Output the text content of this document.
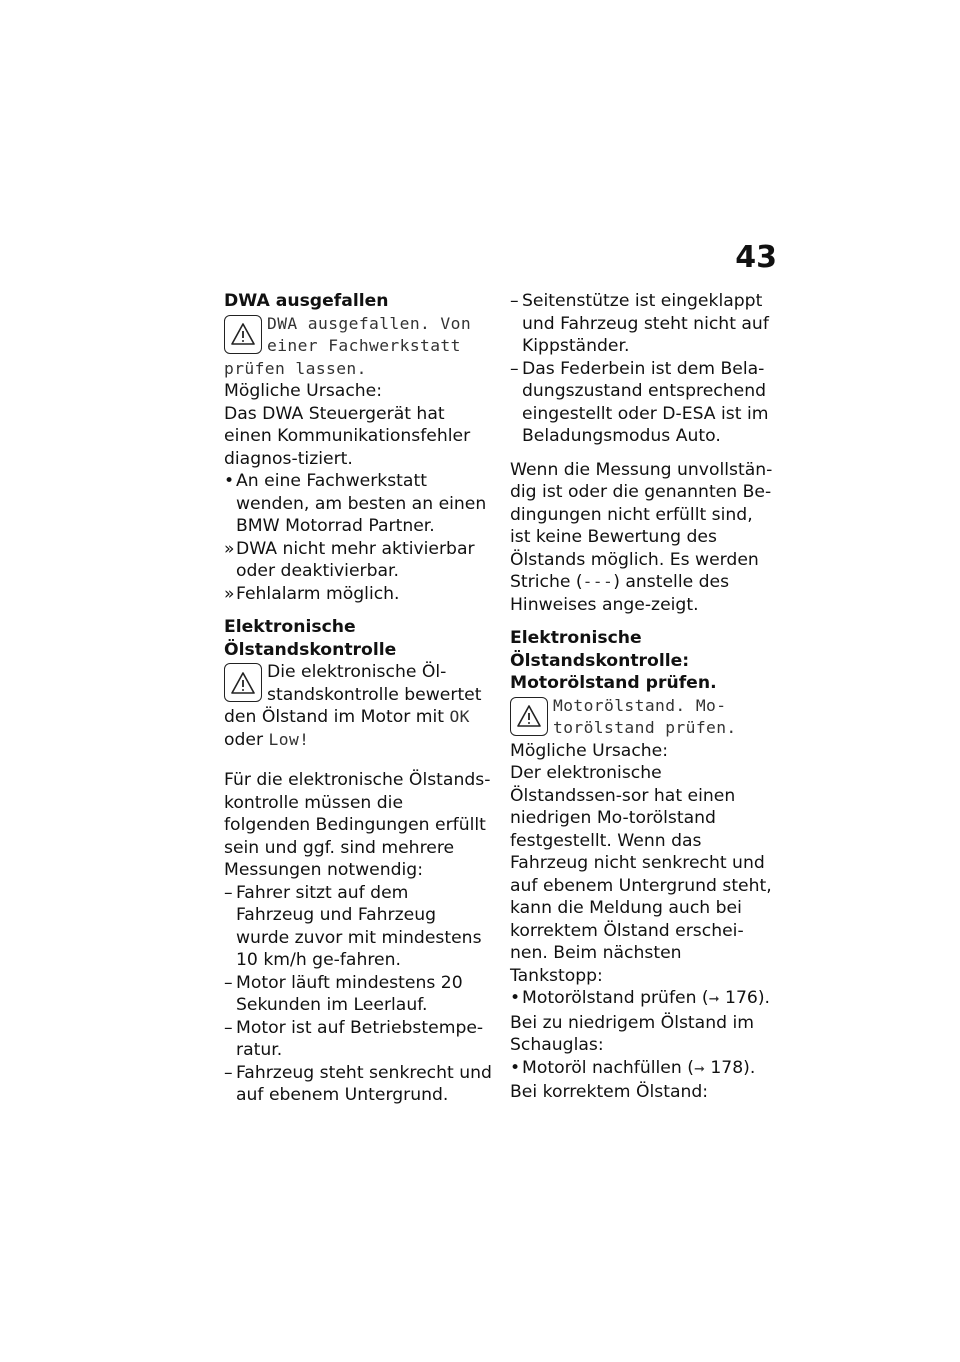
43

DWA ausgefallen

DWA ausgefallen. Von
einer Fachwerkstatt
prüfen lassen.

Mögliche Ursache:

Das DWA Steuergerät hat einen Kommunikationsfehler diagnos-tiziert.

• An eine Fachwerkstatt wenden, am besten an einen BMW Motorrad Partner.
» DWA nicht mehr aktivierbar oder deaktivierbar.
» Fehlalarm möglich.

Elektronische
Ölstandskontrolle

Die elektronische Öl-
standskontrolle bewertet
den Ölstand im Motor mit OK
oder Low!

Für die elektronische Ölstands-kontrolle müssen die folgenden Bedingungen erfüllt sein und ggf. sind mehrere Messungen notwendig:

– Fahrer sitzt auf dem Fahrzeug und Fahrzeug wurde zuvor mit mindestens 10 km/h ge-fahren.
– Motor läuft mindestens 20 Sekunden im Leerlauf.
– Motor ist auf Betriebstempe-ratur.
– Fahrzeug steht senkrecht und auf ebenem Untergrund.
– Seitenstütze ist eingeklappt und Fahrzeug steht nicht auf Kippständer.
– Das Federbein ist dem Bela-dungszustand entsprechend eingestellt oder D-ESA ist im Beladungsmodus Auto.

Wenn die Messung unvollstän-dig ist oder die genannten Be-dingungen nicht erfüllt sind, ist keine Bewertung des Ölstands möglich. Es werden Striche (---) anstelle des Hinweises ange-zeigt.

Elektronische
Ölstandskontrolle:
Motorölstand prüfen.

Motorölstand. Mo-
torölstand prüfen.

Mögliche Ursache:

Der elektronische Ölstandssen-sor hat einen niedrigen Mo-torölstand festgestellt. Wenn das Fahrzeug nicht senkrecht und auf ebenem Untergrund steht, kann die Meldung auch bei korrektem Ölstand erschei-nen. Beim nächsten Tankstopp:

• Motorölstand prüfen (➞ 176).

Bei zu niedrigem Ölstand im Schauglas:

• Motoröl nachfüllen (➞ 178).

Bei korrektem Ölstand:
